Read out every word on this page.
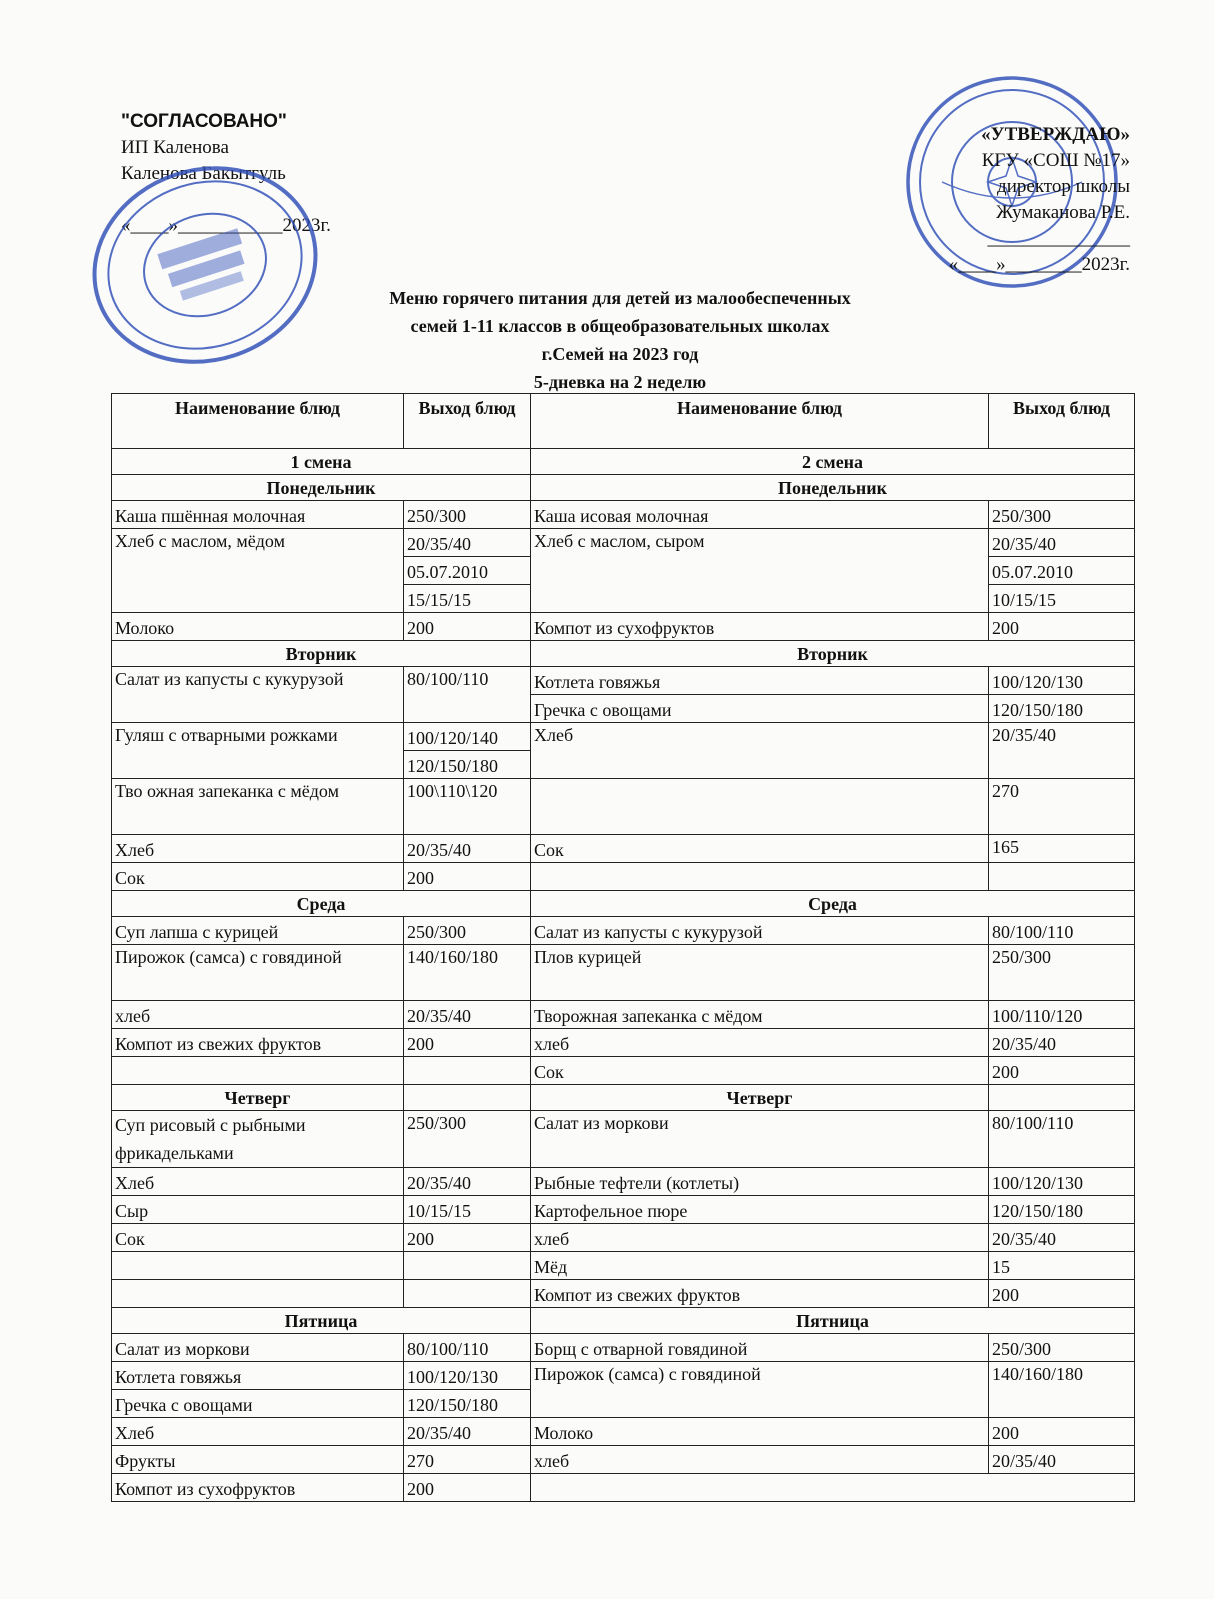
"СОГЛАСОВАНО"
ИП Каленова
Каленова Бакытгуль
«____»___________2023г.
«УТВЕРЖДАЮ»
КГУ «СОШ №17»
директор школы
Жумаканова Р.Е.
_______________
«____»________2023г.
Меню горячего питания для детей из малообеспеченных
семей 1-11 классов в общеобразовательных школах
г.Семей на 2023 год
5-дневка на 2 неделю
Наименование блюд	Выход блюд	Наименование блюд	Выход блюд
1 смена		2 смена	
Понедельник		Понедельник	
Каша пшённая молочная	250/300	Каша исовая молочная	250/300
Хлеб с маслом, мёдом	20/35/40	Хлеб с маслом, сыром	20/35/40
	05.07.2010		05.07.2010
	15/15/15		10/15/15
Молоко	200	Компот из сухофруктов	200
Вторник		Вторник	
Салат из капусты с кукурузой	80/100/110	Котлета говяжья	100/120/130
		Гречка с овощами	120/150/180
Гуляш с отварными рожками	100/120/140	Хлеб	20/35/40
	120/150/180		
Тво ожная запеканка с мёдом	100\110\120		270
Хлеб	20/35/40	Сок	165
Сок	200		
Среда		Среда	
Суп лапша с курицей	250/300	Салат из капусты с кукурузой	80/100/110
Пирожок (самса) с говядиной	140/160/180	Плов курицей	250/300
хлеб	20/35/40	Творожная запеканка с мёдом	100/110/120
Компот из свежих фруктов	200	хлеб	20/35/40
		Сок	200
Четверг		Четверг	
Суп рисовый с рыбными фрикадельками	250/300	Салат из моркови	80/100/110
Хлеб	20/35/40	Рыбные тефтели (котлеты)	100/120/130
Сыр	10/15/15	Картофельное пюре	120/150/180
Сок	200	хлеб	20/35/40
		Мёд	15
		Компот из свежих фруктов	200
Пятница		Пятница	
Салат из моркови	80/100/110	Борщ с отварной говядиной	250/300
Котлета говяжья	100/120/130	Пирожок (самса) с говядиной	140/160/180
Гречка с овощами	120/150/180		
Хлеб	20/35/40	Молоко	200
Фрукты	270	хлеб	20/35/40
Компот из сухофруктов	200		
